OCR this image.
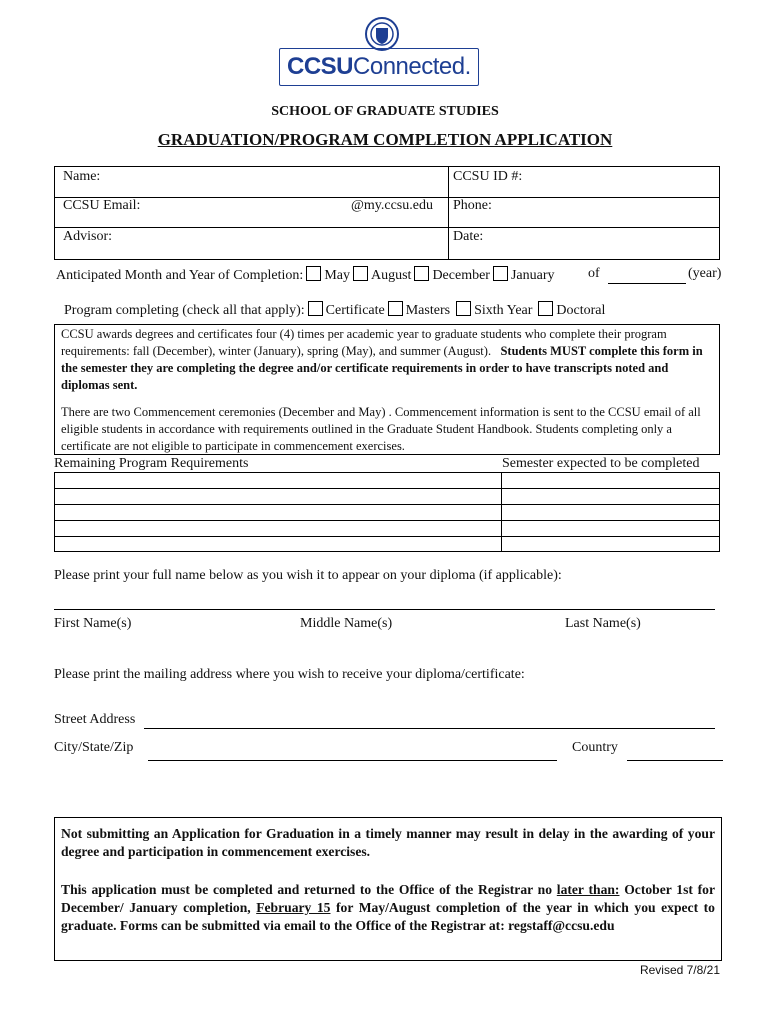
CCSUConnected.
SCHOOL OF GRADUATE STUDIES
GRADUATION/PROGRAM COMPLETION APPLICATION
Name:	CCSU ID #:
CCSU Email:	@my.ccsu.edu Phone:
Advisor:	Date:
Anticipated Month and Year of Completion: May August December January of	(year)
Program completing (check all that apply): Certificate Masters Sixth Year Doctoral

CCSU awards degrees and certificates four (4) times per academic year to graduate students who complete their program requirements: fall (December), winter (January), spring (May), and summer (August). Students MUST complete this form in the semester they are completing the degree and/or certificate requirements in order to have transcripts noted and diplomas sent.

There are two Commencement ceremonies (December and May) . Commencement information is sent to the CCSU email of all eligible students in accordance with requirements outlined in the Graduate Student Handbook. Students completing only a certificate are not eligible to participate in commencement exercises.

Remaining Program Requirements	Semester expected to be completed
Please print your full name below as you wish it to appear on your diploma (if applicable):
First Name(s)	Middle Name(s)	Last Name(s)
Please print the mailing address where you wish to receive your diploma/certificate:
Street Address
City/State/Zip	Country

Not submitting an Application for Graduation in a timely manner may result in delay in the awarding of your degree and participation in commencement exercises.

This application must be completed and returned to the Office of the Registrar no later than: October 1st for December/ January completion, February 15 for May/August completion of the year in which you expect to graduate. Forms can be submitted via email to the Office of the Registrar at: regstaff@ccsu.edu

Revised 7/8/21
